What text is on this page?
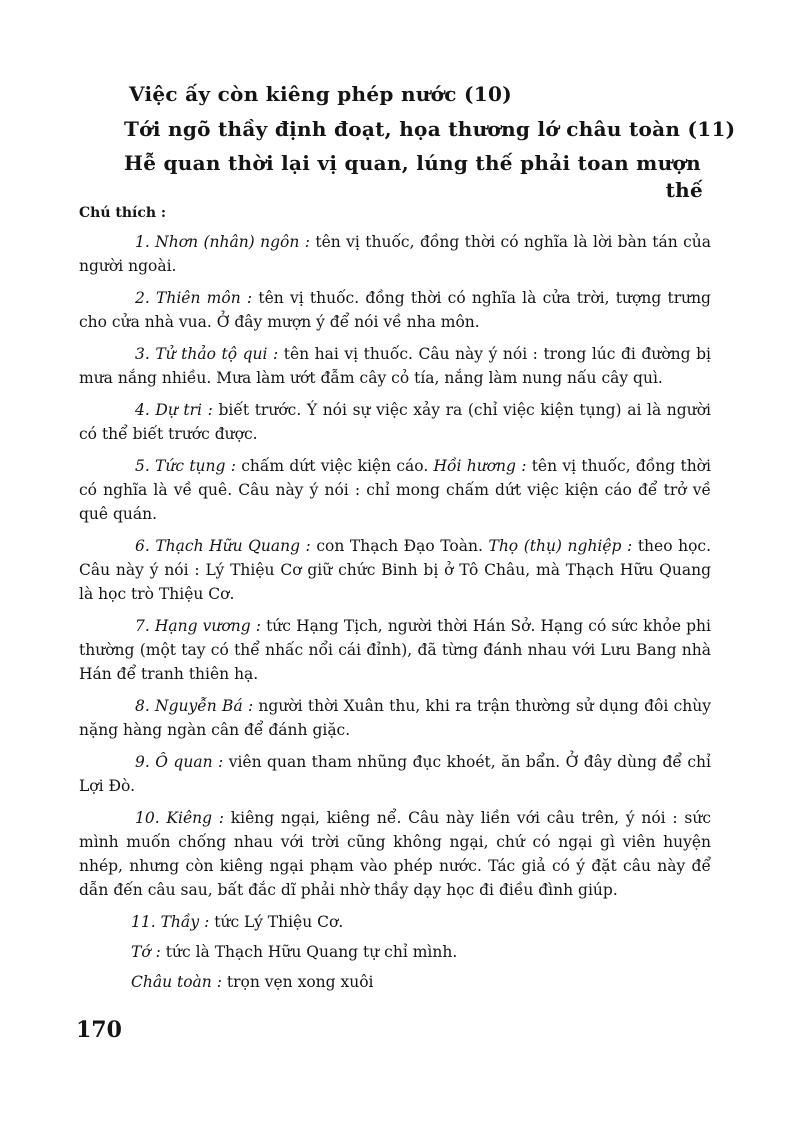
Việc ấy còn kiêng phép nước (10)
Tới ngõ thầy định đoạt, họa thương lớ châu toàn (11)
Hễ quan thời lại vị quan, lúng thế phải toan mượn
thế
Chú thích :

1. Nhơn (nhân) ngôn : tên vị thuốc, đồng thời có nghĩa là lời bàn tán của người ngoài.

2. Thiên môn : tên vị thuốc. đồng thời có nghĩa là cửa trời, tượng trưng cho cửa nhà vua. Ở đây mượn ý để nói về nha môn.

3. Tử thảo tộ qui : tên hai vị thuốc. Câu này ý nói : trong lúc đi đường bị mưa nắng nhiều. Mưa làm ướt đẫm cây cỏ tía, nắng làm nung nấu cây quì.

4. Dự tri : biết trước. Ý nói sự việc xảy ra (chỉ việc kiện tụng) ai là người có thể biết trước được.

5. Tức tụng : chấm dứt việc kiện cáo. Hồi hương : tên vị thuốc, đồng thời có nghĩa là về quê. Câu này ý nói : chỉ mong chấm dứt việc kiện cáo để trở về quê quán.

6. Thạch Hữu Quang : con Thạch Đạo Toàn. Thọ (thụ) nghiệp : theo học. Câu này ý nói : Lý Thiệu Cơ giữ chức Binh bị ở Tô Châu, mà Thạch Hữu Quang là học trò Thiệu Cơ.

7. Hạng vương : tức Hạng Tịch, người thời Hán Sở. Hạng có sức khỏe phi thường (một tay có thể nhấc nổi cái đỉnh), đã từng đánh nhau với Lưu Bang nhà Hán để tranh thiên hạ.

8. Nguyễn Bá : người thời Xuân thu, khi ra trận thường sử dụng đôi chùy nặng hàng ngàn cân để đánh giặc.

9. Ô quan : viên quan tham nhũng đục khoét, ăn bẩn. Ở đây dùng để chỉ Lợi Đò.

10. Kiêng : kiêng ngại, kiêng nể. Câu này liền với câu trên, ý nói : sức mình muốn chống nhau với trời cũng không ngại, chứ có ngại gì viên huyện nhép, nhưng còn kiêng ngại phạm vào phép nước. Tác giả có ý đặt câu này để dẫn đến câu sau, bất đắc dĩ phải nhờ thầy dạy học đi điều đình giúp.

11. Thầy : tức Lý Thiệu Cơ.

Tớ : tức là Thạch Hữu Quang tự chỉ mình.

Châu toàn : trọn vẹn xong xuôi

170
